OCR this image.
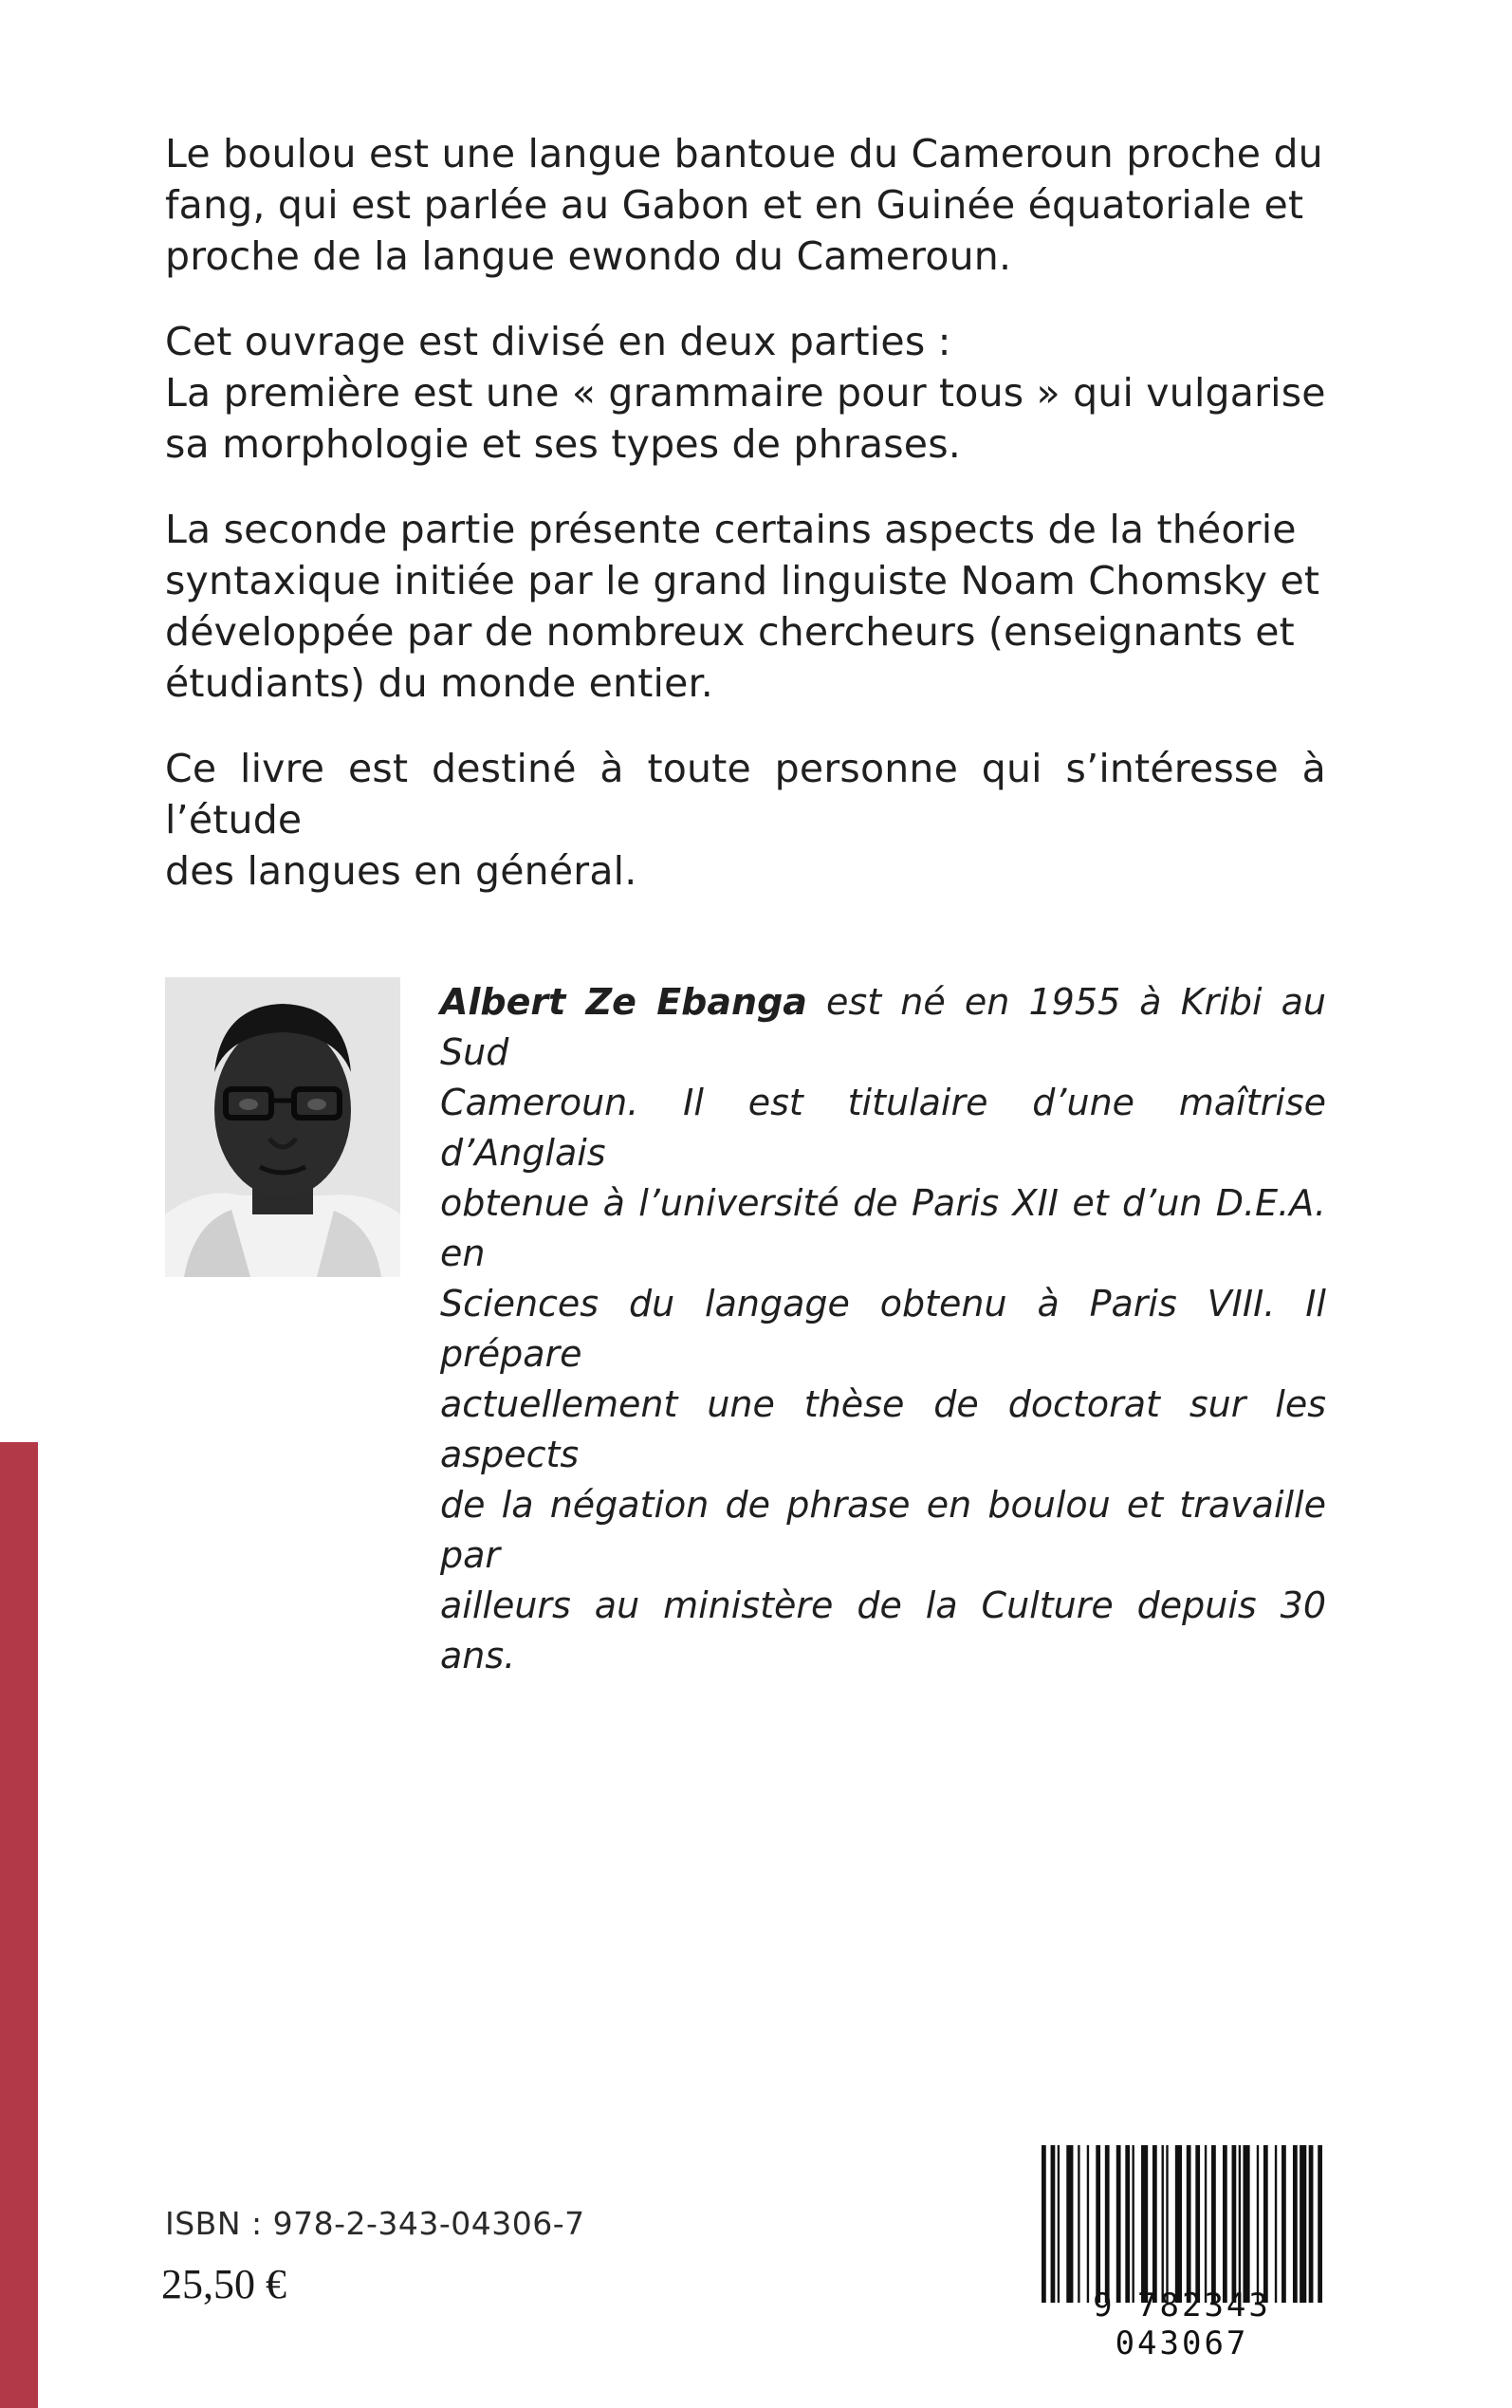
Le boulou est une langue bantoue du Cameroun proche du
fang, qui est parlée au Gabon et en Guinée équatoriale et
proche de la langue ewondo du Cameroun.

Cet ouvrage est divisé en deux parties :
La première est une « grammaire pour tous » qui vulgarise
sa morphologie et ses types de phrases.

La seconde partie présente certains aspects de la théorie
syntaxique initiée par le grand linguiste Noam Chomsky et
développée par de nombreux chercheurs (enseignants et
étudiants) du monde entier.

Ce livre est destiné à toute personne qui s’intéresse à l’étude
des langues en général.

Albert Ze Ebanga est né en 1955 à Kribi au Sud
Cameroun. Il est titulaire d’une maîtrise d’Anglais
obtenue à l’université de Paris XII et d’un D.E.A. en
Sciences du langage obtenu à Paris VIII. Il prépare
actuellement une thèse de doctorat sur les aspects
de la négation de phrase en boulou et travaille par
ailleurs au ministère de la Culture depuis 30 ans.
ISBN : 978-2-343-04306-7
25,50 €	9 782343 043067
